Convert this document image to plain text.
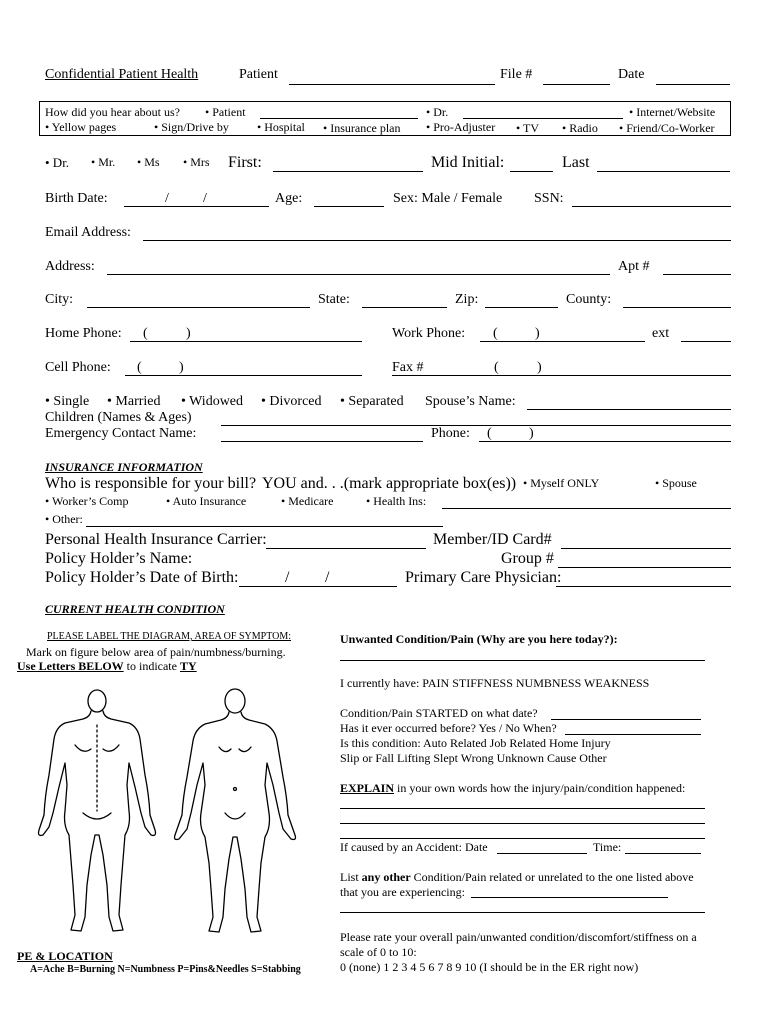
Confidential Patient Health	Patient	File #	Date
How did you hear about us? • Patient	• Dr.	• Internet/Website
• Yellow pages	• Sign/Drive by • Hospital • Insurance plan • Pro-Adjuster • TV • Radio • Friend/Co-Worker
• Dr. • Mr. • Ms • Mrs First:	Mid Initial:	Last
Birth Date:	/ /	Age:	Sex: Male / Female SSN:
Email Address:
Address:	Apt #
City:	State:	Zip:	County:
Home Phone: (	)	Work Phone: (	)	ext
Cell Phone: (	)	Fax #	(	)
• Single • Married • Widowed • Divorced • Separated Spouse’s Name:
Children (Names & Ages)
Emergency Contact Name:	Phone: (	)
INSURANCE INFORMATION
Who is responsible for your bill? YOU and. . .(mark appropriate box(es)) • Myself ONLY	• Spouse
• Worker’s Comp	• Auto Insurance	• Medicare	• Health Ins:
• Other:
Personal Health Insurance Carrier:	Member/ID Card#
Policy Holder’s Name:	Group #
Policy Holder’s Date of Birth:	/ /	Primary Care Physician:
CURRENT HEALTH CONDITION
PLEASE LABEL THE DIAGRAM, AREA OF SYMPTOM:
Mark on figure below area of pain/numbness/burning.
Use Letters BELOW to indicate TY
PE & LOCATION
A=Ache B=Burning N=Numbness P=Pins&Needles S=Stabbing
Unwanted Condition/Pain (Why are you here today?):
I currently have: PAIN STIFFNESS NUMBNESS WEAKNESS
Condition/Pain STARTED on what date?
Has it ever occurred before? Yes / No When?
Is this condition: Auto Related Job Related Home Injury
Slip or Fall Lifting Slept Wrong Unknown Cause Other
EXPLAIN in your own words how the injury/pain/condition happened:
If caused by an Accident: Date	Time:
List any other Condition/Pain related or unrelated to the one listed above
that you are experiencing:
Please rate your overall pain/unwanted condition/discomfort/stiffness on a
scale of 0 to 10:
0 (none) 1 2 3 4 5 6 7 8 9 10 (I should be in the ER right now)
